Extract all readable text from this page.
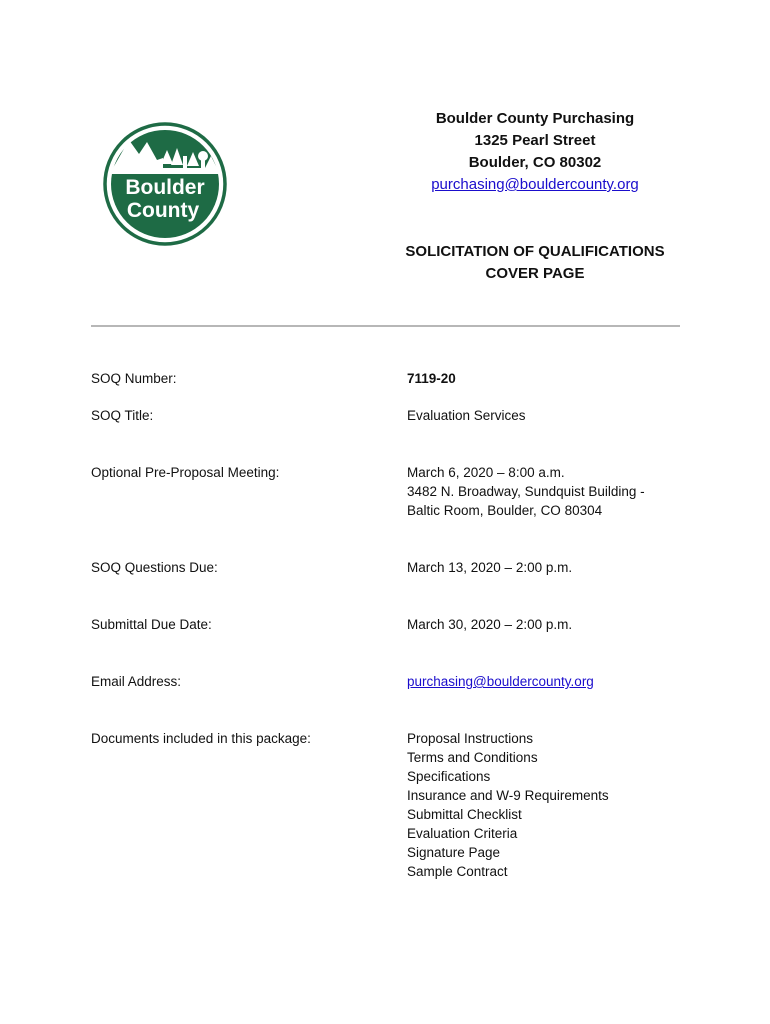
Boulder
County
Boulder County Purchasing
1325 Pearl Street
Boulder, CO 80302
purchasing@bouldercounty.org
SOLICITATION OF QUALIFICATIONS
COVER PAGE
SOQ Number:	7119-20
SOQ Title:	Evaluation Services
Optional Pre-Proposal Meeting:	March 6, 2020 – 8:00 a.m.
3482 N. Broadway, Sundquist Building -
Baltic Room, Boulder, CO 80304
SOQ Questions Due:	March 13, 2020 – 2:00 p.m.
Submittal Due Date:	March 30, 2020 – 2:00 p.m.
Email Address:	purchasing@bouldercounty.org
Documents included in this package:	Proposal Instructions
Terms and Conditions
Specifications
Insurance and W-9 Requirements
Submittal Checklist
Evaluation Criteria
Signature Page
Sample Contract
